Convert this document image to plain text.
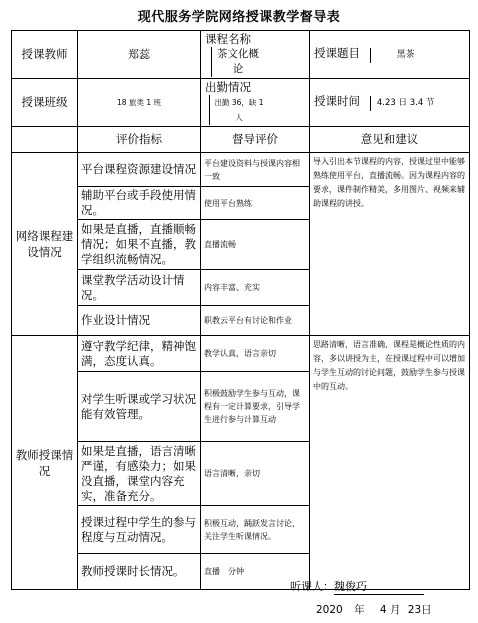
现代服务学院网络授课教学督导表
授课教师	郑蕊	课程名称 茶文化概论	授课题目 黑茶
授课班级	18 旅类 1 班	出勤情况 出勤 36，缺 1 人	授课时间 4.23 日 3.4 节
	评价指标	督导评价	意见和建议
网络课程建设情况	平台课程资源建设情况	平台建设资料与授课内容相一致	导入引出本节课程的内容，授课过里中能够熟练使用平台，直播流畅。因为课程内容的要求，课件制作精美，多用图片、视频来辅助课程的讲授。
	辅助平台或手段使用情况。	使用平台熟练	
	如果是直播，直播顺畅情况；如果不直播，教学组织流畅情况。	直播流畅	
	课堂教学活动设计情况。	内容丰富、充实	
	作业设计情况	职教云平台有讨论和作业	
教师授课情况	遵守教学纪律，精神饱满，态度认真。	教学认真，语言亲切	思路清晰，语言准确，课程是概论性质的内容，多以讲授为主，在授课过程中可以增加与学生互动的讨论问题，鼓励学生参与授课中的互动。
	对学生听课或学习状况能有效管理。	积极鼓励学生参与互动，课程有一定计算要求，引导学生进行参与计算互动	
	如果是直播，语言清晰严谨，有感染力；如果没直播，课堂内容充实，准备充分。	语言清晰，亲切	
	授课过程中学生的参与程度与互动情况。	积极互动，踊跃发言讨论，关注学生听课情况。	
	教师授课时长情况。	直播　分钟	
听课人：魏俊巧
2020 年 4 月 23日
